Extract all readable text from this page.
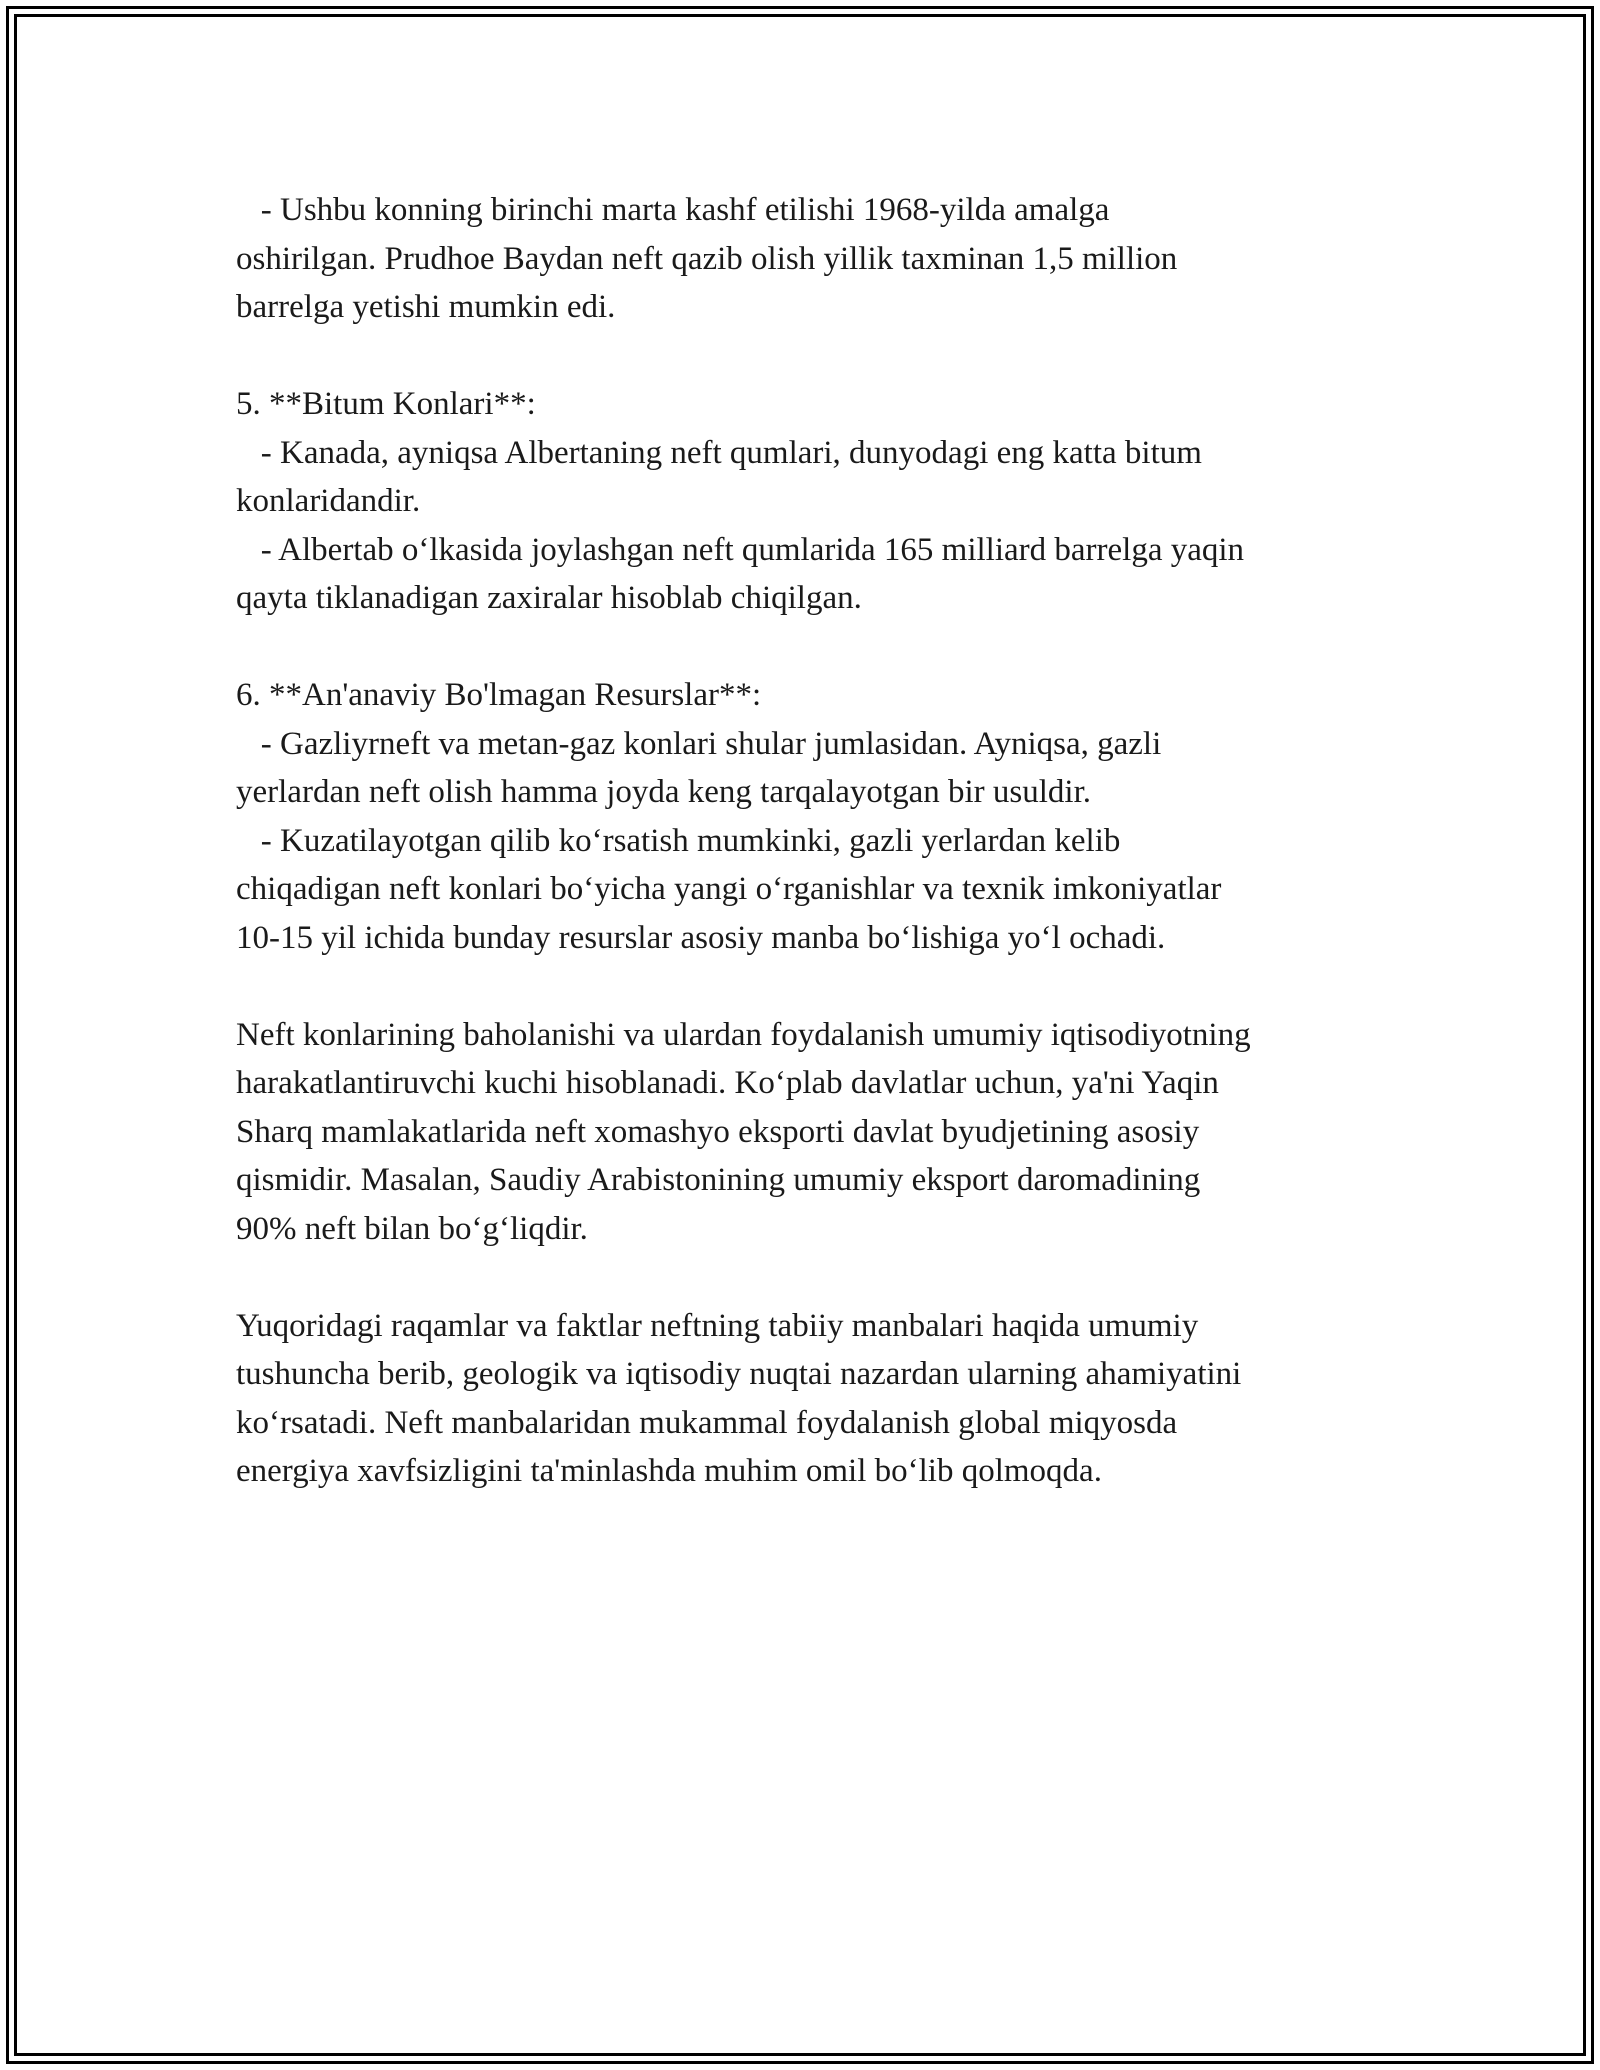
- Ushbu konning birinchi marta kashf etilishi 1968-yilda amalga
oshirilgan. Prudhoe Baydan neft qazib olish yillik taxminan 1,5 million
barrelga yetishi mumkin edi.
5. **Bitum Konlari**:
- Kanada, ayniqsa Albertaning neft qumlari, dunyodagi eng katta bitum
konlaridandir.
- Albertab o‘lkasida joylashgan neft qumlarida 165 milliard barrelga yaqin
qayta tiklanadigan zaxiralar hisoblab chiqilgan.
6. **An'anaviy Bo'lmagan Resurslar**:
- Gazliyrneft va metan-gaz konlari shular jumlasidan. Ayniqsa, gazli
yerlardan neft olish hamma joyda keng tarqalayotgan bir usuldir.
- Kuzatilayotgan qilib ko‘rsatish mumkinki, gazli yerlardan kelib
chiqadigan neft konlari bo‘yicha yangi o‘rganishlar va texnik imkoniyatlar
10-15 yil ichida bunday resurslar asosiy manba bo‘lishiga yo‘l ochadi.
Neft konlarining baholanishi va ulardan foydalanish umumiy iqtisodiyotning
harakatlantiruvchi kuchi hisoblanadi. Ko‘plab davlatlar uchun, ya'ni Yaqin
Sharq mamlakatlarida neft xomashyo eksporti davlat byudjetining asosiy
qismidir. Masalan, Saudiy Arabistonining umumiy eksport daromadining
90% neft bilan bo‘g‘liqdir.
Yuqoridagi raqamlar va faktlar neftning tabiiy manbalari haqida umumiy
tushuncha berib, geologik va iqtisodiy nuqtai nazardan ularning ahamiyatini
ko‘rsatadi. Neft manbalaridan mukammal foydalanish global miqyosda
energiya xavfsizligini ta'minlashda muhim omil bo‘lib qolmoqda.
